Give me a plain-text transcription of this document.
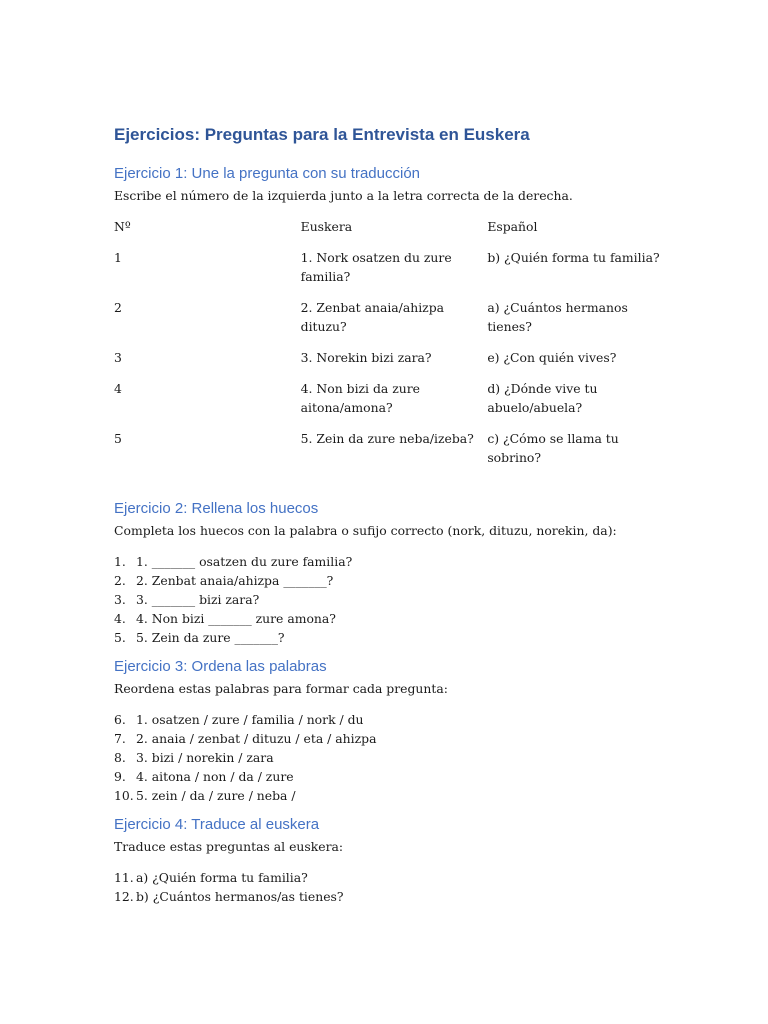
Ejercicios: Preguntas para la Entrevista en Euskera
Ejercicio 1: Une la pregunta con su traducción

Escribe el número de la izquierda junto a la letra correcta de la derecha.

Nº	Euskera	Español
1	1. Nork osatzen du zure familia?	b) ¿Quién forma tu familia?
2	2. Zenbat anaia/ahizpa dituzu?	a) ¿Cuántos hermanos tienes?
3	3. Norekin bizi zara?	e) ¿Con quién vives?
4	4. Non bizi da zure aitona/amona?	d) ¿Dónde vive tu abuelo/abuela?
5	5. Zein da zure neba/izeba?	c) ¿Cómo se llama tu sobrino?
Ejercicio 2: Rellena los huecos

Completa los huecos con la palabra o sufijo correcto (nork, dituzu, norekin, da):

1. 1. _______ osatzen du zure familia?
2. 2. Zenbat anaia/ahizpa _______?
3. 3. _______ bizi zara?
4. 4. Non bizi _______ zure amona?
5. 5. Zein da zure _______?
Ejercicio 3: Ordena las palabras

Reordena estas palabras para formar cada pregunta:

6. 1. osatzen / zure / familia / nork / du
7. 2. anaia / zenbat / dituzu / eta / ahizpa
8. 3. bizi / norekin / zara
9. 4. aitona / non / da / zure
10. 5. zein / da / zure / neba /
Ejercicio 4: Traduce al euskera

Traduce estas preguntas al euskera:

11. a) ¿Quién forma tu familia?
12. b) ¿Cuántos hermanos/as tienes?
